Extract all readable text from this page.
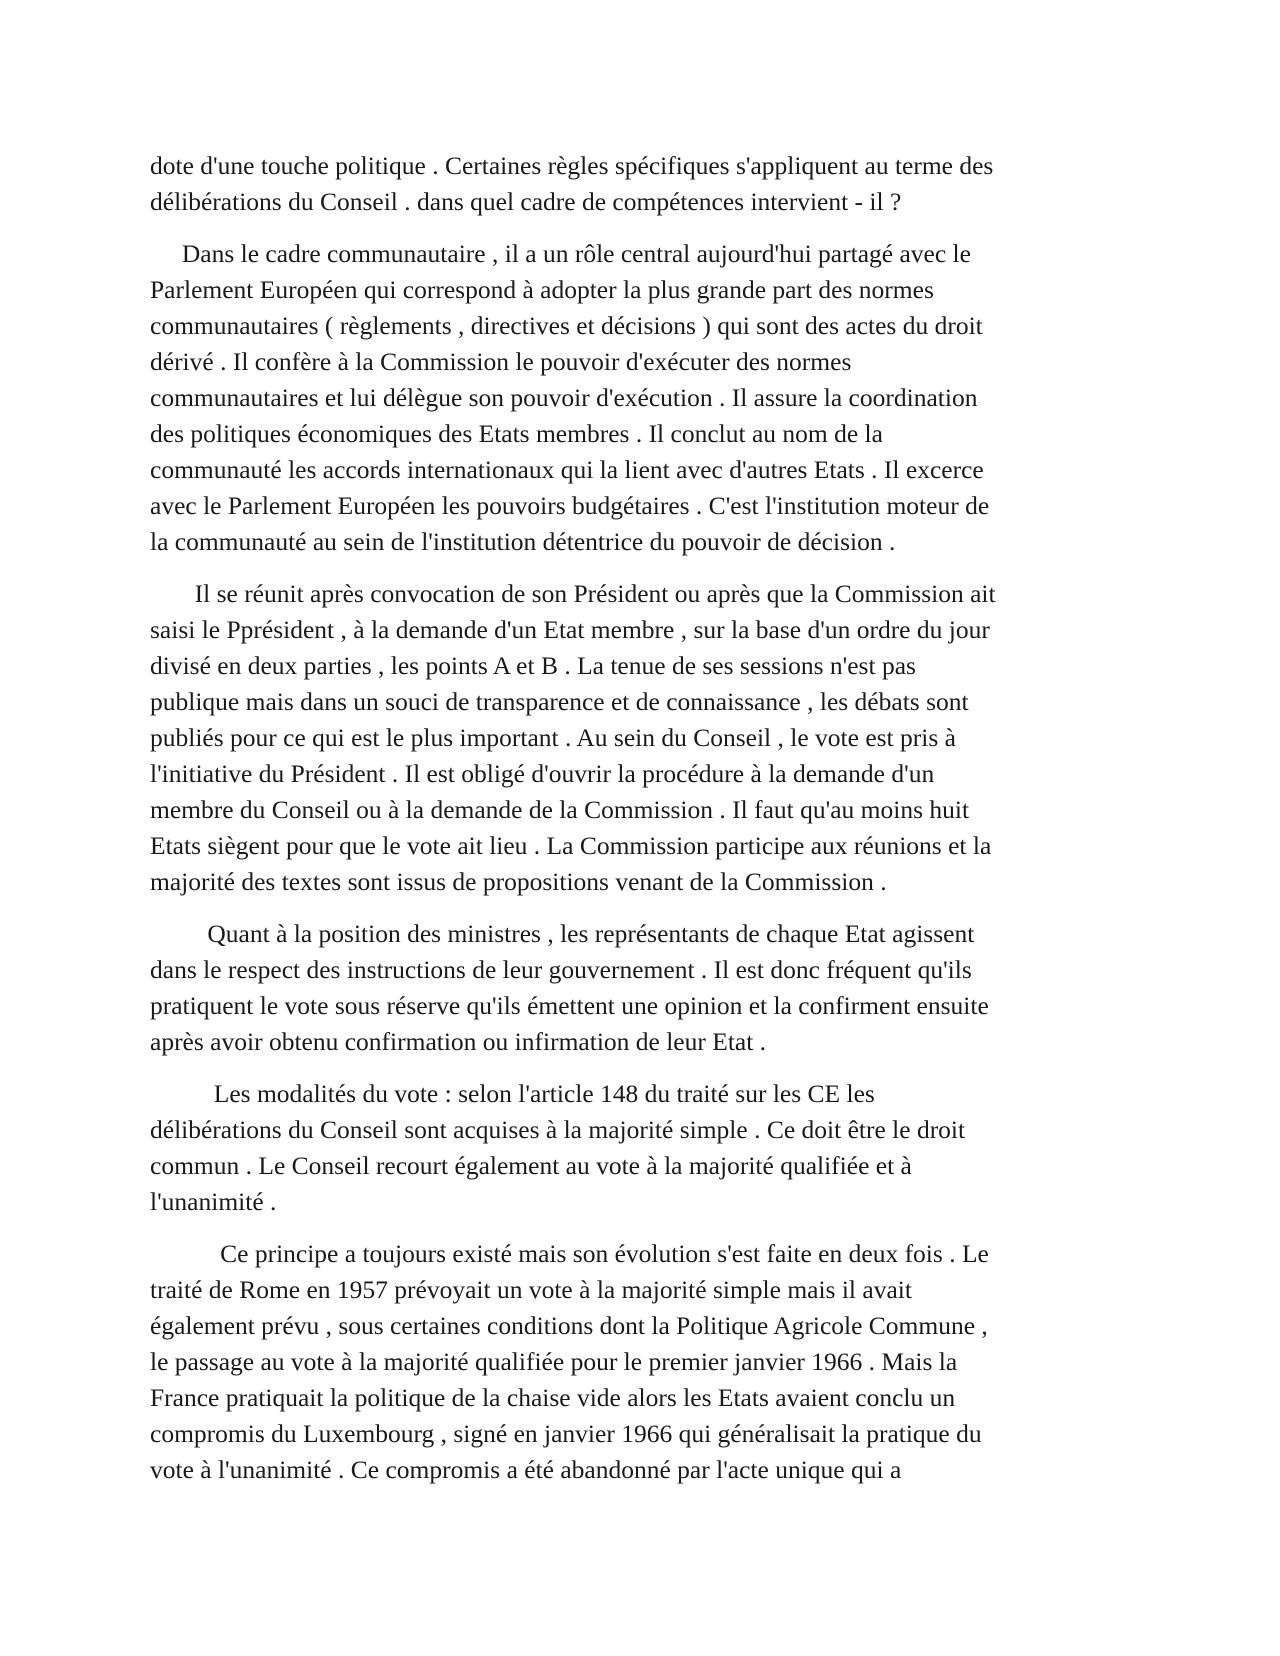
dote d'une touche politique . Certaines règles spécifiques s'appliquent au terme des
délibérations du Conseil . dans quel cadre de compétences intervient - il ?

Dans le cadre communautaire , il a un rôle central aujourd'hui partagé avec le
Parlement Européen qui correspond à adopter la plus grande part des normes
communautaires ( règlements , directives et décisions ) qui sont des actes du droit
dérivé . Il confère à la Commission le pouvoir d'exécuter des normes
communautaires et lui délègue son pouvoir d'exécution . Il assure la coordination
des politiques économiques des Etats membres . Il conclut au nom de la
communauté les accords internationaux qui la lient avec d'autres Etats . Il excerce
avec le Parlement Européen les pouvoirs budgétaires . C'est l'institution moteur de
la communauté au sein de l'institution détentrice du pouvoir de décision .

Il se réunit après convocation de son Président ou après que la Commission ait
saisi le Pprésident , à la demande d'un Etat membre , sur la base d'un ordre du jour
divisé en deux parties , les points A et B . La tenue de ses sessions n'est pas
publique mais dans un souci de transparence et de connaissance , les débats sont
publiés pour ce qui est le plus important . Au sein du Conseil , le vote est pris à
l'initiative du Président . Il est obligé d'ouvrir la procédure à la demande d'un
membre du Conseil ou à la demande de la Commission . Il faut qu'au moins huit
Etats siègent pour que le vote ait lieu . La Commission participe aux réunions et la
majorité des textes sont issus de propositions venant de la Commission .

Quant à la position des ministres , les représentants de chaque Etat agissent
dans le respect des instructions de leur gouvernement . Il est donc fréquent qu'ils
pratiquent le vote sous réserve qu'ils émettent une opinion et la confirment ensuite
après avoir obtenu confirmation ou infirmation de leur Etat .

Les modalités du vote : selon l'article 148 du traité sur les CE les
délibérations du Conseil sont acquises à la majorité simple . Ce doit être le droit
commun . Le Conseil recourt également au vote à la majorité qualifiée et à
l'unanimité .

Ce principe a toujours existé mais son évolution s'est faite en deux fois . Le
traité de Rome en 1957 prévoyait un vote à la majorité simple mais il avait
également prévu , sous certaines conditions dont la Politique Agricole Commune ,
le passage au vote à la majorité qualifiée pour le premier janvier 1966 . Mais la
France pratiquait la politique de la chaise vide alors les Etats avaient conclu un
compromis du Luxembourg , signé en janvier 1966 qui généralisait la pratique du
vote à l'unanimité . Ce compromis a été abandonné par l'acte unique qui a
